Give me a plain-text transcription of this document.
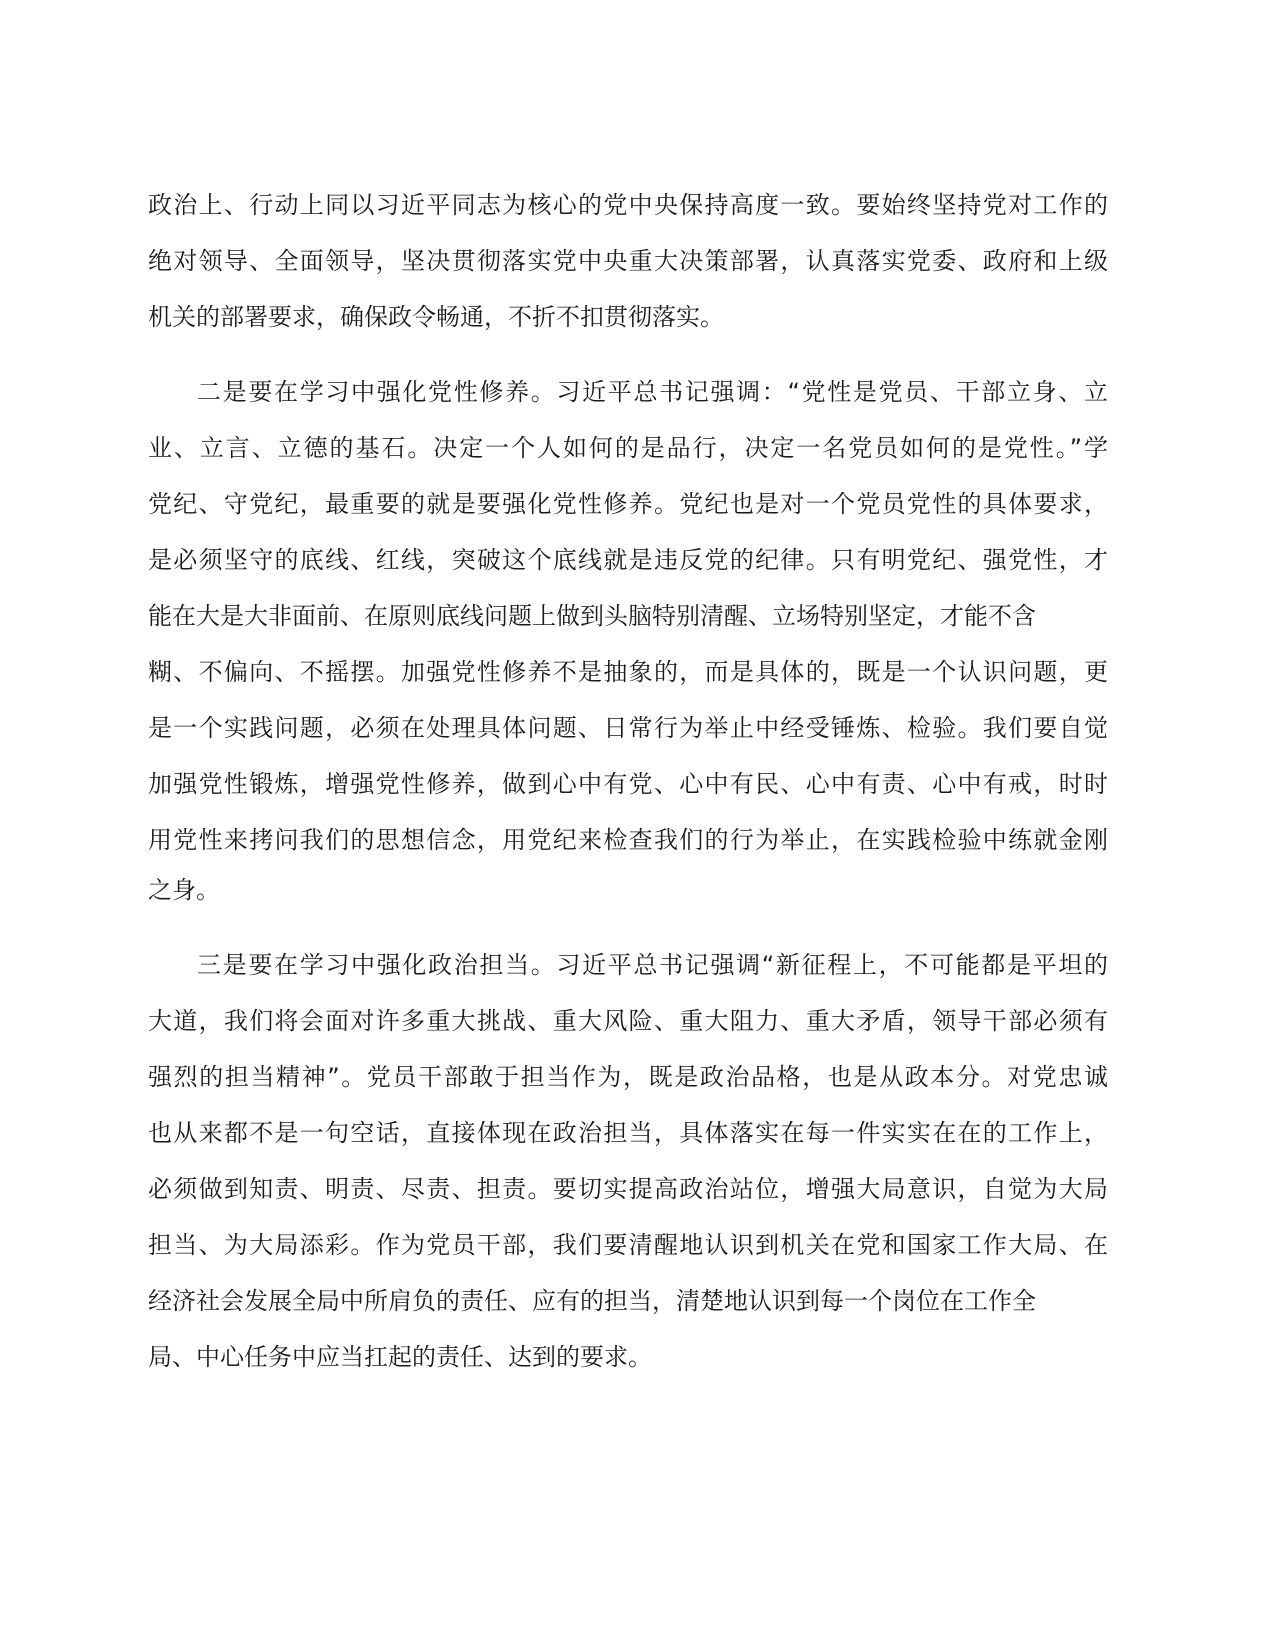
政治上、行动上同以习近平同志为核心的党中央保持高度一致。要始终坚持党对工作的
绝对领导、全面领导，坚决贯彻落实党中央重大决策部署，认真落实党委、政府和上级
机关的部署要求，确保政令畅通，不折不扣贯彻落实。
二是要在学习中强化党性修养。习近平总书记强调：“党性是党员、干部立身、立
业、立言、立德的基石。决定一个人如何的是品行，决定一名党员如何的是党性。”学
党纪、守党纪，最重要的就是要强化党性修养。党纪也是对一个党员党性的具体要求，
是必须坚守的底线、红线，突破这个底线就是违反党的纪律。只有明党纪、强党性，才
能在大是大非面前、在原则底线问题上做到头脑特别清醒、立场特别坚定，才能不含
糊、不偏向、不摇摆。加强党性修养不是抽象的，而是具体的，既是一个认识问题，更
是一个实践问题，必须在处理具体问题、日常行为举止中经受锤炼、检验。我们要自觉
加强党性锻炼，增强党性修养，做到心中有党、心中有民、心中有责、心中有戒，时时
用党性来拷问我们的思想信念，用党纪来检查我们的行为举止，在实践检验中练就金刚
之身。
三是要在学习中强化政治担当。习近平总书记强调“新征程上，不可能都是平坦的
大道，我们将会面对许多重大挑战、重大风险、重大阻力、重大矛盾，领导干部必须有
强烈的担当精神”。党员干部敢于担当作为，既是政治品格，也是从政本分。对党忠诚
也从来都不是一句空话，直接体现在政治担当，具体落实在每一件实实在在的工作上，
必须做到知责、明责、尽责、担责。要切实提高政治站位，增强大局意识，自觉为大局
担当、为大局添彩。作为党员干部，我们要清醒地认识到机关在党和国家工作大局、在
经济社会发展全局中所肩负的责任、应有的担当，清楚地认识到每一个岗位在工作全
局、中心任务中应当扛起的责任、达到的要求。
